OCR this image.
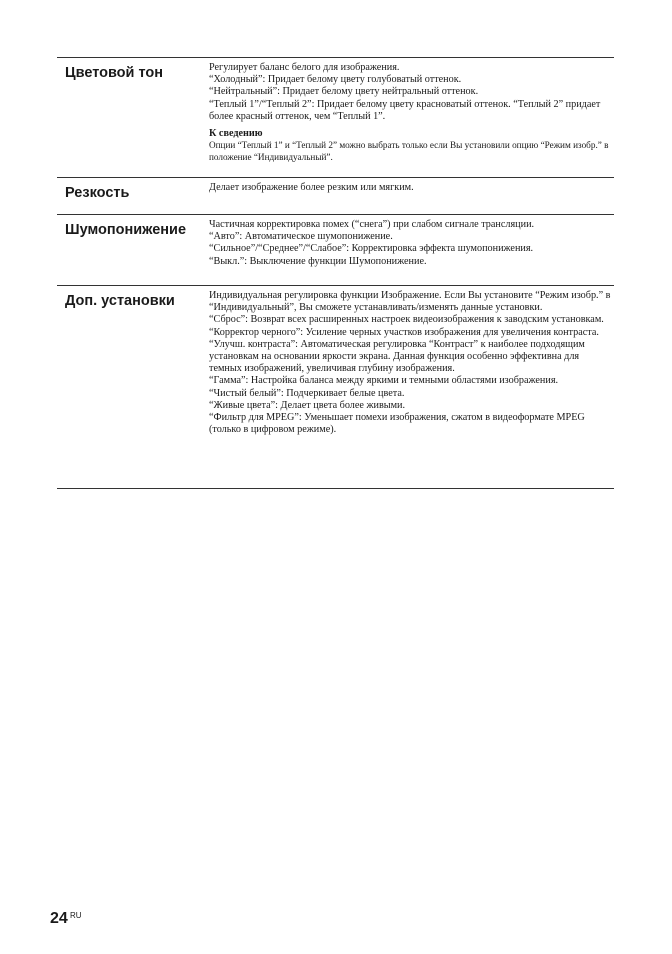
Цветовой тон	Регулирует баланс белого для изображения.

“Холодный”: Придает белому цвету голубоватый оттенок.

“Нейтральный”: Придает белому цвету нейтральный оттенок.

“Теплый 1”/“Теплый 2”: Придает белому цвету красноватый оттенок. “Теплый 2” придает более красный оттенок, чем “Теплый 1”.

К сведению

Опции “Теплый 1” и “Теплый 2” можно выбрать только если Вы установили опцию “Режим изобр.” в положение “Индивидуальный”.

Резкость	Делает изображение более резким или мягким.

Шумопонижение	Частичная корректировка помех (“снега”) при слабом сигнале трансляции.

“Авто”: Автоматическое шумопонижение.

“Сильное”/“Среднее”/“Слабое”: Корректировка эффекта шумопонижения.

“Выкл.”: Выключение функции Шумопонижение.

Доп. установки	Индивидуальная регулировка функции Изображение. Если Вы установите “Режим изобр.” в “Индивидуальный”, Вы сможете устанавливать/изменять данные установки.

“Сброс”: Возврат всех расширенных настроек видеоизображения к заводским установкам.

“Корректор черного”: Усиление черных участков изображения для увеличения контраста.

“Улучш. контраста”: Автоматическая регулировка “Контраст” к наиболее подходящим установкам на основании яркости экрана. Данная функция особенно эффективна для темных изображений, увеличивая глубину изображения.

“Гамма”: Настройка баланса между яркими и темными областями изображения.

“Чистый белый”: Подчеркивает белые цвета.

“Живые цвета”: Делает цвета более живыми.

“Фильтр для MPEG”: Уменьшает помехи изображения, сжатом в видеоформате MPEG (только в цифровом режиме).

24 RU
